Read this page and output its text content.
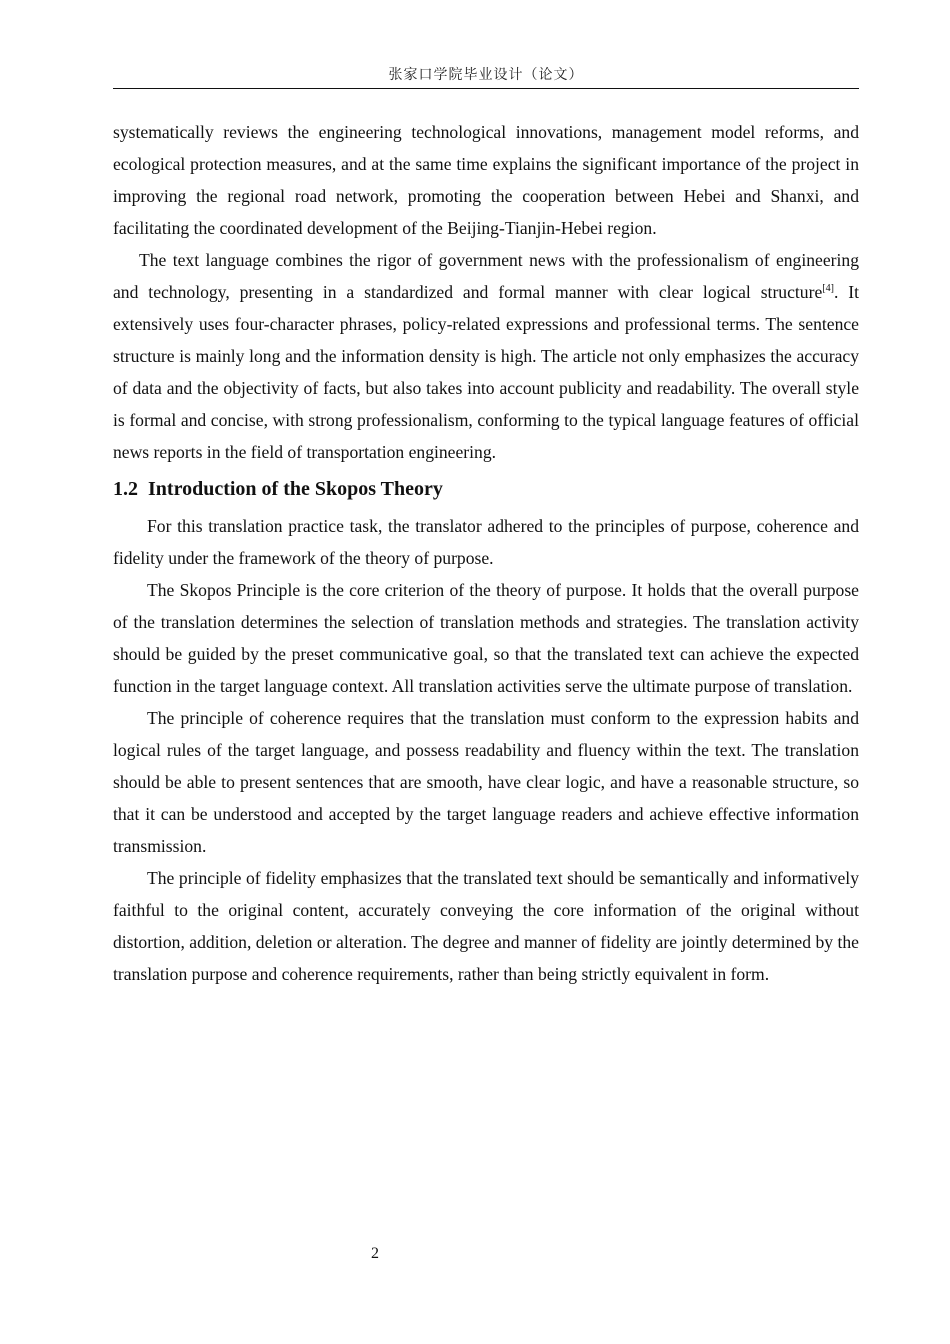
张家口学院毕业设计（论文）

systematically reviews the engineering technological innovations, management model reforms, and ecological protection measures, and at the same time explains the significant importance of the project in improving the regional road network, promoting the cooperation between Hebei and Shanxi, and facilitating the coordinated development of the Beijing-Tianjin-Hebei region.

The text language combines the rigor of government news with the professionalism of engineering and technology, presenting in a standardized and formal manner with clear logical structure[4]. It extensively uses four-character phrases, policy-related expressions and professional terms. The sentence structure is mainly long and the information density is high. The article not only emphasizes the accuracy of data and the objectivity of facts, but also takes into account publicity and readability. The overall style is formal and concise, with strong professionalism, conforming to the typical language features of official news reports in the field of transportation engineering.

1.2 Introduction of the Skopos Theory

For this translation practice task, the translator adhered to the principles of purpose, coherence and fidelity under the framework of the theory of purpose.

The Skopos Principle is the core criterion of the theory of purpose. It holds that the overall purpose of the translation determines the selection of translation methods and strategies. The translation activity should be guided by the preset communicative goal, so that the translated text can achieve the expected function in the target language context. All translation activities serve the ultimate purpose of translation.

The principle of coherence requires that the translation must conform to the expression habits and logical rules of the target language, and possess readability and fluency within the text. The translation should be able to present sentences that are smooth, have clear logic, and have a reasonable structure, so that it can be understood and accepted by the target language readers and achieve effective information transmission.

The principle of fidelity emphasizes that the translated text should be semantically and informatively faithful to the original content, accurately conveying the core information of the original without distortion, addition, deletion or alteration. The degree and manner of fidelity are jointly determined by the translation purpose and coherence requirements, rather than being strictly equivalent in form.

2
